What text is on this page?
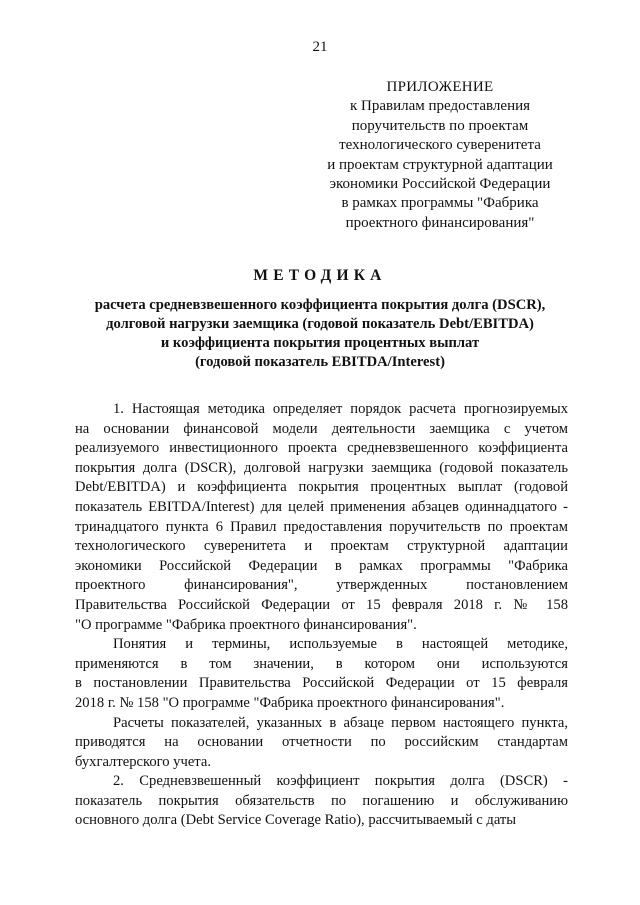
21
ПРИЛОЖЕНИЕ
к Правилам предоставления
поручительств по проектам
технологического суверенитета
и проектам структурной адаптации
экономики Российской Федерации
в рамках программы "Фабрика
проектного финансирования"
МЕТОДИКА
расчета средневзвешенного коэффициента покрытия долга (DSCR),
долговой нагрузки заемщика (годовой показатель Debt/EBITDA)
и коэффициента покрытия процентных выплат
(годовой показатель EBITDA/Interest)
1. Настоящая методика определяет порядок расчета прогнозируемых
на основании финансовой модели деятельности заемщика с учетом
реализуемого инвестиционного проекта средневзвешенного коэффициента
покрытия долга (DSCR), долговой нагрузки заемщика (годовой показатель
Debt/EBITDA) и коэффициента покрытия процентных выплат (годовой
показатель EBITDA/Interest) для целей применения абзацев одиннадцатого -
тринадцатого пункта 6 Правил предоставления поручительств по проектам
технологического суверенитета и проектам структурной адаптации
экономики Российской Федерации в рамках программы "Фабрика
проектного финансирования", утвержденных постановлением
Правительства Российской Федерации от 15 февраля 2018 г. № 158
"О программе "Фабрика проектного финансирования".
Понятия и термины, используемые в настоящей методике,
применяются в том значении, в котором они используются
в постановлении Правительства Российской Федерации от 15 февраля
2018 г. № 158 "О программе "Фабрика проектного финансирования".
Расчеты показателей, указанных в абзаце первом настоящего пункта,
приводятся на основании отчетности по российским стандартам
бухгалтерского учета.
2. Средневзвешенный коэффициент покрытия долга (DSCR) -
показатель покрытия обязательств по погашению и обслуживанию
основного долга (Debt Service Coverage Ratio), рассчитываемый с даты
